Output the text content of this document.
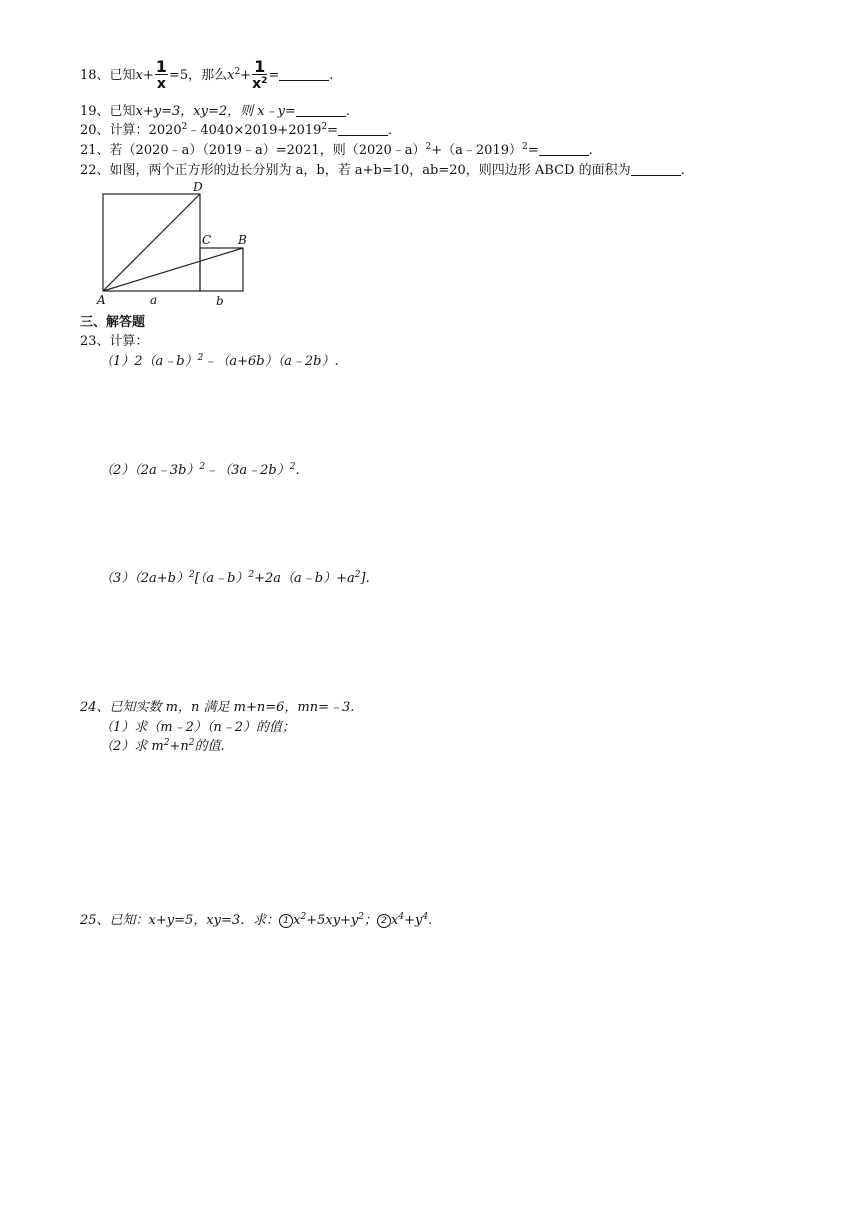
18、已知$x+ \frac{1}{x} =5$，那么$x^2+ \frac{1}{x^2}$ =	.
19、已知x+y=3，xy=2，则 x﹣y=	.
20、计算：$2020^2﹣4040\times 2019+2019^2=$	.
21、若（2020﹣a）（2019﹣a）=2021，则（2020﹣a）$^2$+（a﹣2019）$^2$=	.
22、如图，两个正方形的边长分别为 a，b，若 a+b=10，ab=20，则四边形 ABCD 的面积为	.
D
C B
A	a	b
三、解答题
23、计算：
（1）2（a﹣b）$^2$﹣（a+6b）（a﹣2b）.
（2）（2a﹣3b）$^2$﹣（3a﹣2b）$^2$.
$(3)(2a+b)^2[(a﹣b)^2+2a(a﹣b)+a^2]$.
24、已知实数 m，n 满足 m+n=6，mn=﹣3.
（1）求（m﹣2）（n﹣2）的值；
（2）求 $m^2+n^2$的值.
25、已知：x+y=5，xy=3．求： 1 $x^2+5xy+y^2$； 2 $x^4+y^4$.
